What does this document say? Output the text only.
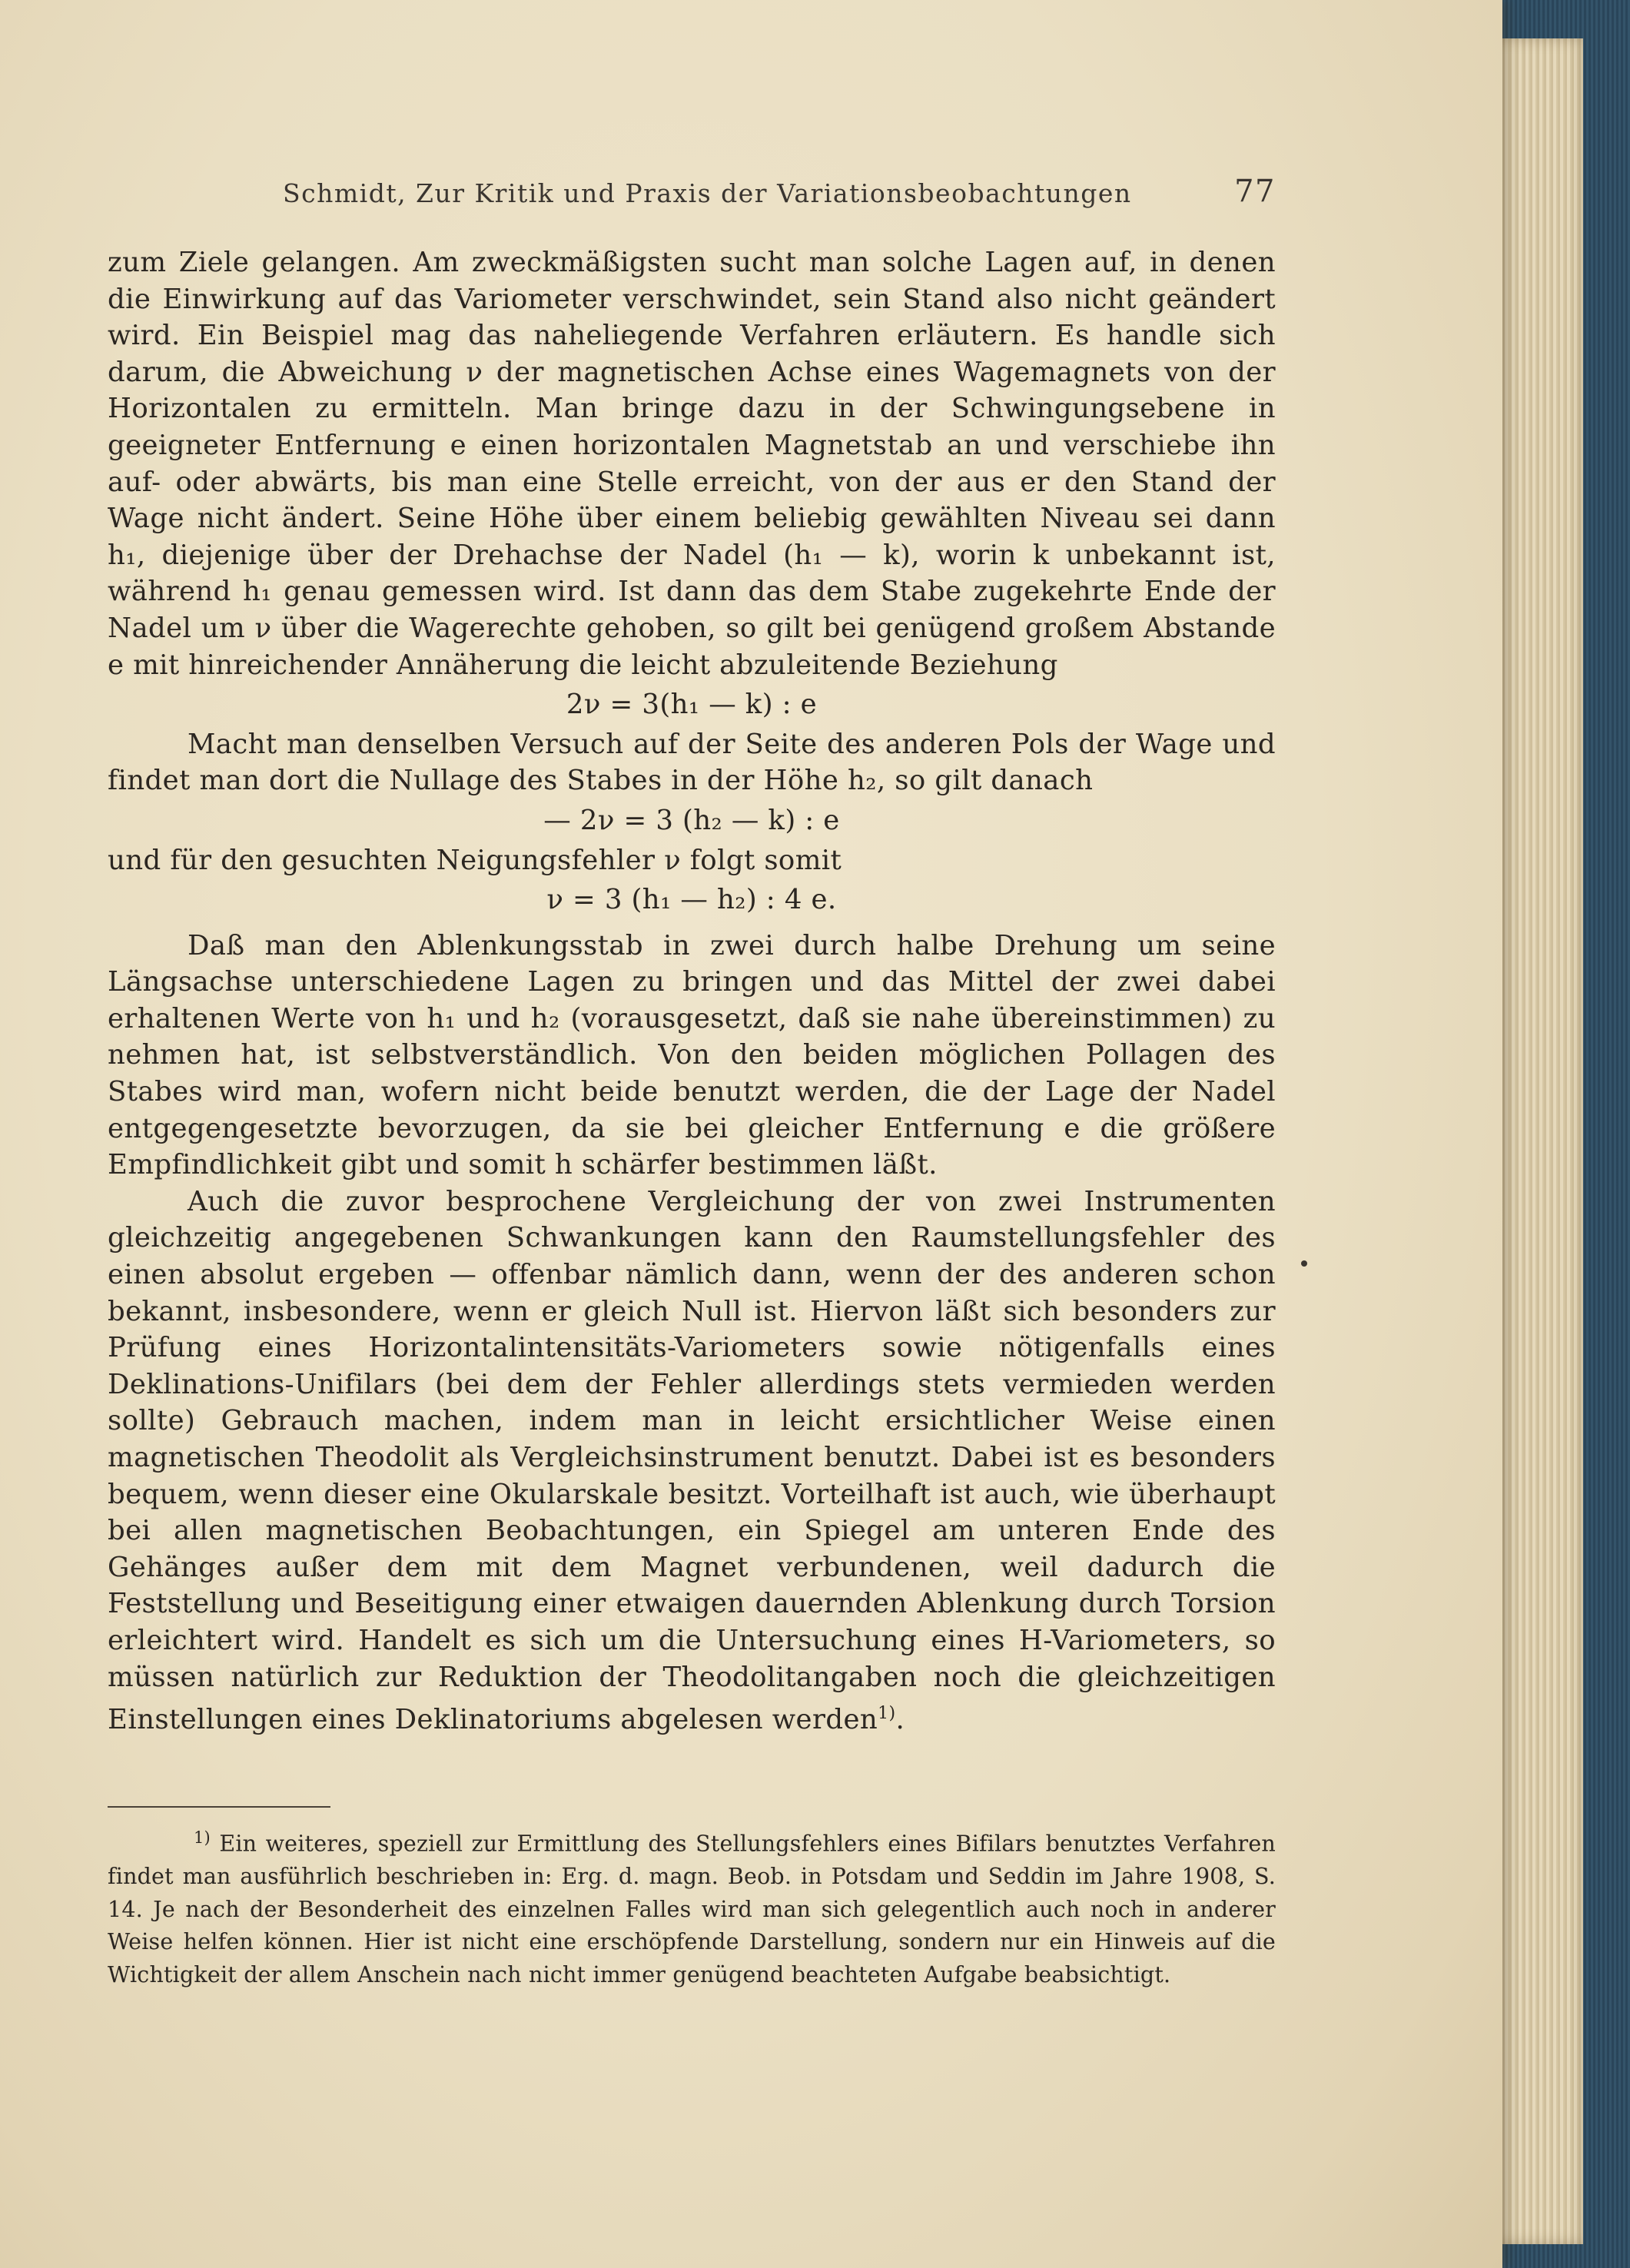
Schmidt, Zur Kritik und Praxis der Variationsbeobachtungen	77

zum Ziele gelangen. Am zweckmäßigsten sucht man solche Lagen auf, in denen die Einwirkung auf das Variometer verschwindet, sein Stand also nicht geändert wird. Ein Beispiel mag das naheliegende Verfahren erläutern. Es handle sich darum, die Abweichung ν der magnetischen Achse eines Wagemagnets von der Horizontalen zu ermitteln. Man bringe dazu in der Schwingungsebene in geeigneter Entfernung e einen horizontalen Magnetstab an und verschiebe ihn auf- oder abwärts, bis man eine Stelle erreicht, von der aus er den Stand der Wage nicht ändert. Seine Höhe über einem beliebig gewählten Niveau sei dann h₁, diejenige über der Drehachse der Nadel (h₁ — k), worin k unbekannt ist, während h₁ genau gemessen wird. Ist dann das dem Stabe zugekehrte Ende der Nadel um ν über die Wagerechte gehoben, so gilt bei genügend großem Abstande e mit hinreichender Annäherung die leicht abzuleitende Beziehung

2ν = 3(h₁ — k) : e

Macht man denselben Versuch auf der Seite des anderen Pols der Wage und findet man dort die Nullage des Stabes in der Höhe h₂, so gilt danach

— 2ν = 3 (h₂ — k) : e

und für den gesuchten Neigungsfehler ν folgt somit

ν = 3 (h₁ — h₂) : 4 e.

Daß man den Ablenkungsstab in zwei durch halbe Drehung um seine Längsachse unterschiedene Lagen zu bringen und das Mittel der zwei dabei erhaltenen Werte von h₁ und h₂ (vorausgesetzt, daß sie nahe übereinstimmen) zu nehmen hat, ist selbstverständlich. Von den beiden möglichen Pollagen des Stabes wird man, wofern nicht beide benutzt werden, die der Lage der Nadel entgegengesetzte bevorzugen, da sie bei gleicher Entfernung e die größere Empfindlichkeit gibt und somit h schärfer bestimmen läßt.

Auch die zuvor besprochene Vergleichung der von zwei Instrumenten gleichzeitig angegebenen Schwankungen kann den Raumstellungsfehler des einen absolut ergeben — offenbar nämlich dann, wenn der des anderen schon bekannt, insbesondere, wenn er gleich Null ist. Hiervon läßt sich besonders zur Prüfung eines Horizontalintensitäts-Variometers sowie nötigenfalls eines Deklinations-Unifilars (bei dem der Fehler allerdings stets vermieden werden sollte) Gebrauch machen, indem man in leicht ersichtlicher Weise einen magnetischen Theodolit als Vergleichsinstrument benutzt. Dabei ist es besonders bequem, wenn dieser eine Okularskale besitzt. Vorteilhaft ist auch, wie überhaupt bei allen magnetischen Beobachtungen, ein Spiegel am unteren Ende des Gehänges außer dem mit dem Magnet verbundenen, weil dadurch die Feststellung und Beseitigung einer etwaigen dauernden Ablenkung durch Torsion erleichtert wird. Handelt es sich um die Untersuchung eines H-Variometers, so müssen natürlich zur Reduktion der Theodolitangaben noch die gleichzeitigen Einstellungen eines Deklinatoriums abgelesen werden$^{1)}$.

$^{1)}$ Ein weiteres, speziell zur Ermittlung des Stellungsfehlers eines Bifilars benutztes Verfahren findet man ausführlich beschrieben in: Erg. d. magn. Beob. in Potsdam und Seddin im Jahre 1908, S. 14. Je nach der Besonderheit des einzelnen Falles wird man sich gelegentlich auch noch in anderer Weise helfen können. Hier ist nicht eine erschöpfende Darstellung, sondern nur ein Hinweis auf die Wichtigkeit der allem Anschein nach nicht immer genügend beachteten Aufgabe beabsichtigt.
